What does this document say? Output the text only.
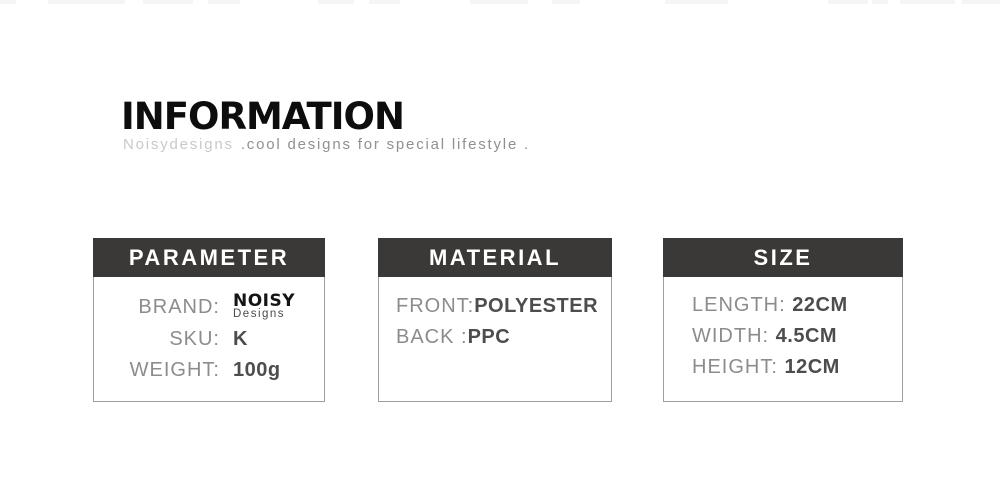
INFORMATION
Noisydesigns .cool designs for special lifestyle .
PARAMETER
BRAND: NOISY
Designs
SKU: K
WEIGHT: 100g
MATERIAL
FRONT: POLYESTER
BACK : PPC
SIZE
LENGTH: 22CM
WIDTH: 4.5CM
HEIGHT: 12CM
